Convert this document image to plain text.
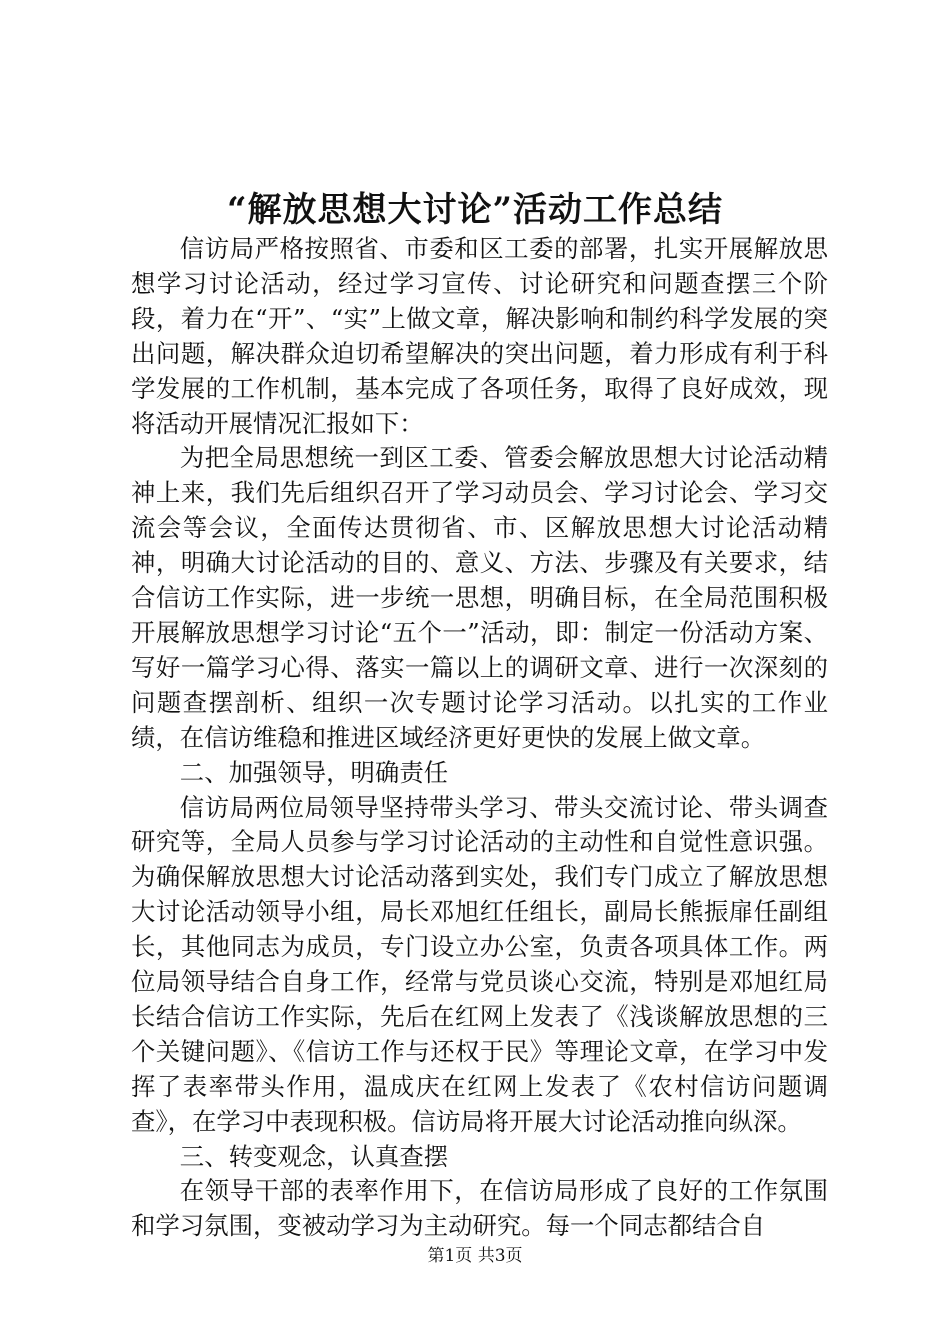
“解放思想大讨论”活动工作总结

信访局严格按照省、市委和区工委的部署，扎实开展解放思想学习讨论活动，经过学习宣传、讨论研究和问题查摆三个阶段，着力在“开”、“实”上做文章，解决影响和制约科学发展的突出问题，解决群众迫切希望解决的突出问题，着力形成有利于科学发展的工作机制，基本完成了各项任务，取得了良好成效，现将活动开展情况汇报如下：

为把全局思想统一到区工委、管委会解放思想大讨论活动精神上来，我们先后组织召开了学习动员会、学习讨论会、学习交流会等会议，全面传达贯彻省、市、区解放思想大讨论活动精神，明确大讨论活动的目的、意义、方法、步骤及有关要求，结合信访工作实际，进一步统一思想，明确目标，在全局范围积极开展解放思想学习讨论“五个一”活动，即：制定一份活动方案、写好一篇学习心得、落实一篇以上的调研文章、进行一次深刻的问题查摆剖析、组织一次专题讨论学习活动。以扎实的工作业绩，在信访维稳和推进区域经济更好更快的发展上做文章。

二、加强领导，明确责任

信访局两位局领导坚持带头学习、带头交流讨论、带头调查研究等，全局人员参与学习讨论活动的主动性和自觉性意识强。为确保解放思想大讨论活动落到实处，我们专门成立了解放思想大讨论活动领导小组，局长邓旭红任组长，副局长熊振扉任副组长，其他同志为成员，专门设立办公室，负责各项具体工作。两位局领导结合自身工作，经常与党员谈心交流，特别是邓旭红局长结合信访工作实际，先后在红网上发表了《浅谈解放思想的三个关键问题》、《信访工作与还权于民》等理论文章，在学习中发挥了表率带头作用，温成庆在红网上发表了《农村信访问题调查》，在学习中表现积极。信访局将开展大讨论活动推向纵深。

三、转变观念，认真查摆

在领导干部的表率作用下，在信访局形成了良好的工作氛围和学习氛围，变被动学习为主动研究。每一个同志都结合自

第1页 共3页
